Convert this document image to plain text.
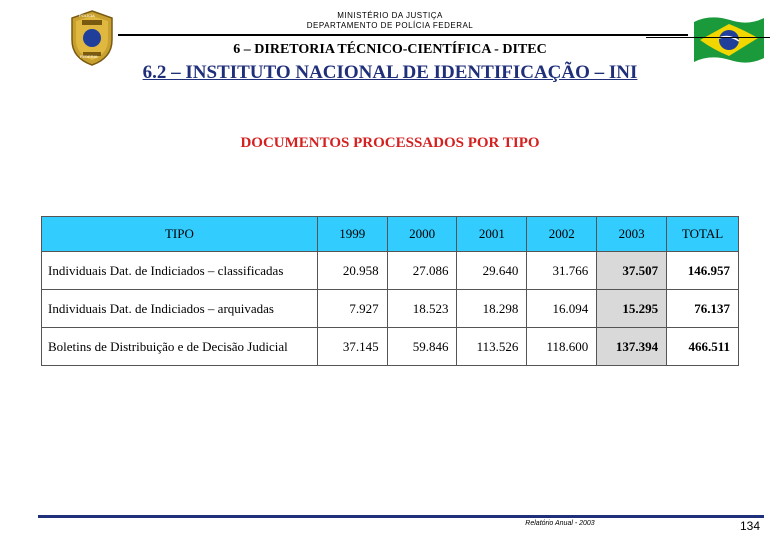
POLÍCIA
FEDERAL
MINISTÉRIO DA JUSTIÇA
DEPARTAMENTO DE POLÍCIA FEDERAL
6 – DIRETORIA TÉCNICO-CIENTÍFICA - DITEC
6.2 – INSTITUTO NACIONAL DE IDENTIFICAÇÃO – INI
DOCUMENTOS PROCESSADOS POR TIPO
TIPO	1999	2000	2001	2002	2003	TOTAL
Individuais Dat. de Indiciados – classificadas	20.958	27.086	29.640	31.766	37.507	146.957
Individuais Dat. de Indiciados – arquivadas	7.927	18.523	18.298	16.094	15.295	76.137
Boletins de Distribuição e de Decisão Judicial	37.145	59.846	113.526	118.600	137.394	466.511
Relatório Anual - 2003	134
